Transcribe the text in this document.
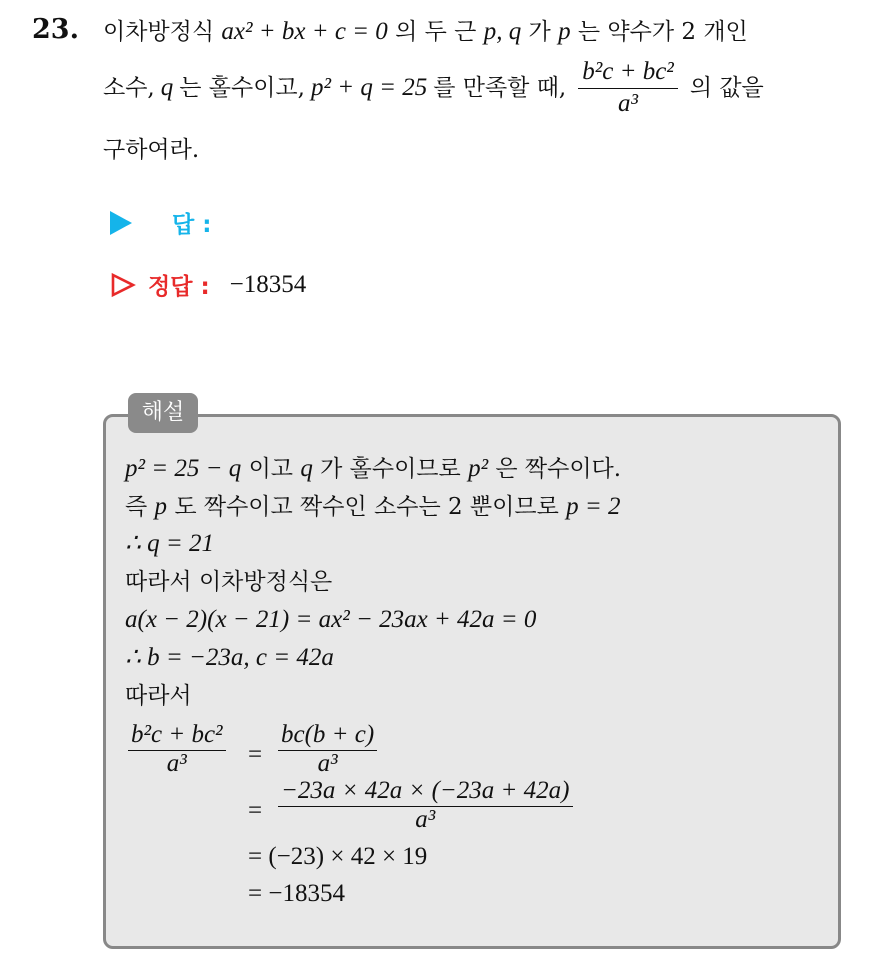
23. 이차방정식 ax² + bx + c = 0 의 두 근 p, q 가 p 는 약수가 2 개인
소수, q 는 홀수이고, p² + q = 25 를 만족할 때, $\frac{\text{b²c + bc²}}{\text{a³}}$ 의 값을
구하여라.
답 :
정답 : −18354
해설
p² = 25 − q 이고 q 가 홀수이므로 p² 은 짝수이다.
즉 p 도 짝수이고 짝수인 소수는 2 뿐이므로 p = 2
∴ q = 21
따라서 이차방정식은
a(x − 2)(x − 21) = ax² − 23ax + 42a = 0
∴ b = −23a, c = 42a
따라서
$\frac{\text{b²c + bc²}}{\text{a³}} = \frac{bc(b + c)}{\text{a³}}$
= $\frac{-23a \times 42a \times (-23a + 42a)}{\text{a³}}$
= (−23) × 42 × 19
= −18354
